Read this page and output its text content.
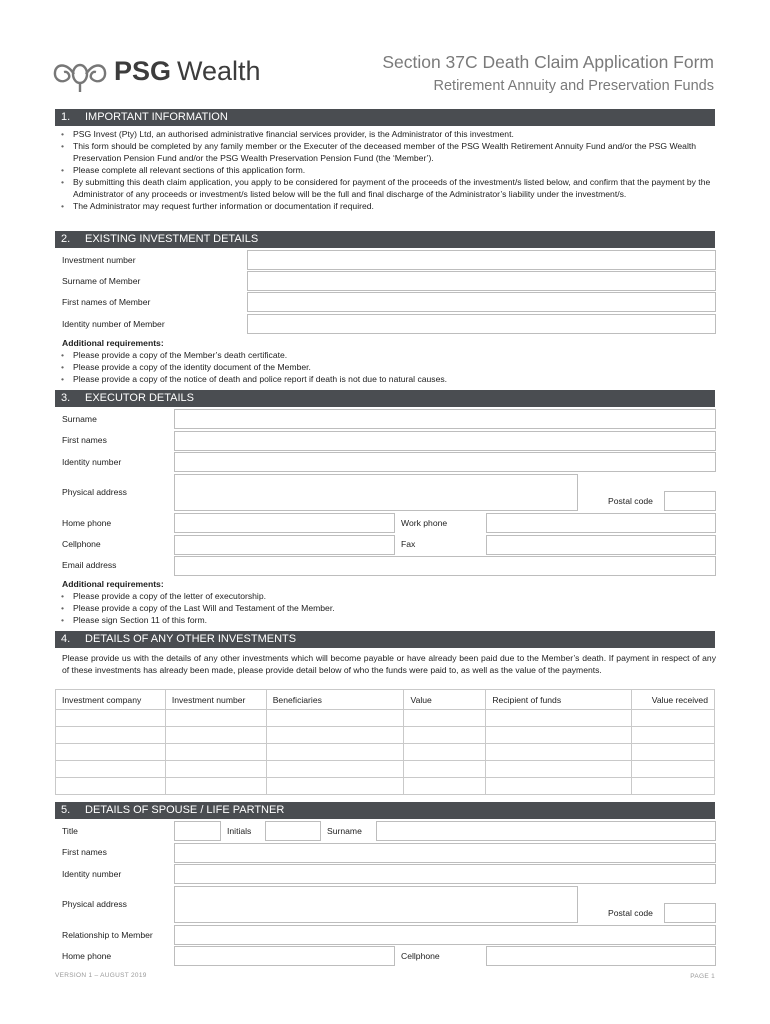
PSG Wealth	Section 37C Death Claim Application Form
Retirement Annuity and Preservation Funds
1. IMPORTANT INFORMATION
• PSG Invest (Pty) Ltd, an authorised administrative financial services provider, is the Administrator of this investment.
• This form should be completed by any family member or the Executer of the deceased member of the PSG Wealth Retirement Annuity Fund and/or the PSG Wealth Preservation Pension Fund and/or the PSG Wealth Preservation Pension Fund (the ‘Member’).
• Please complete all relevant sections of this application form.
• By submitting this death claim application, you apply to be considered for payment of the proceeds of the investment/s listed below, and confirm that the payment by the Administrator of any proceeds or investment/s listed below will be the full and final discharge of the Administrator’s liability under the investment/s.
• The Administrator may request further information or documentation if required.
2. EXISTING INVESTMENT DETAILS
Investment number
Surname of Member
First names of Member
Identity number of Member
Additional requirements:
• Please provide a copy of the Member’s death certificate.
• Please provide a copy of the identity document of the Member.
• Please provide a copy of the notice of death and police report if death is not due to natural causes.
3. EXECUTOR DETAILS
Surname
First names
Identity number
Physical address
Postal code
Home phone	Work phone
Cellphone	Fax
Email address
Additional requirements:
• Please provide a copy of the letter of executorship.
• Please provide a copy of the Last Will and Testament of the Member.
• Please sign Section 11 of this form.
4. DETAILS OF ANY OTHER INVESTMENTS
Please provide us with the details of any other investments which will become payable or have already been paid due to the Member’s death. If payment in respect of any of these investments has already been made, please provide detail below of who the funds were paid to, as well as the value of the payments.
Investment company	Investment number	Beneficiaries	Value	Recipient of funds	Value received

5. DETAILS OF SPOUSE / LIFE PARTNER
Title	Initials	Surname
First names
Identity number
Physical address
Postal code
Relationship to Member
Home phone	Cellphone
VERSION 1 – AUGUST 2019	PAGE 1
